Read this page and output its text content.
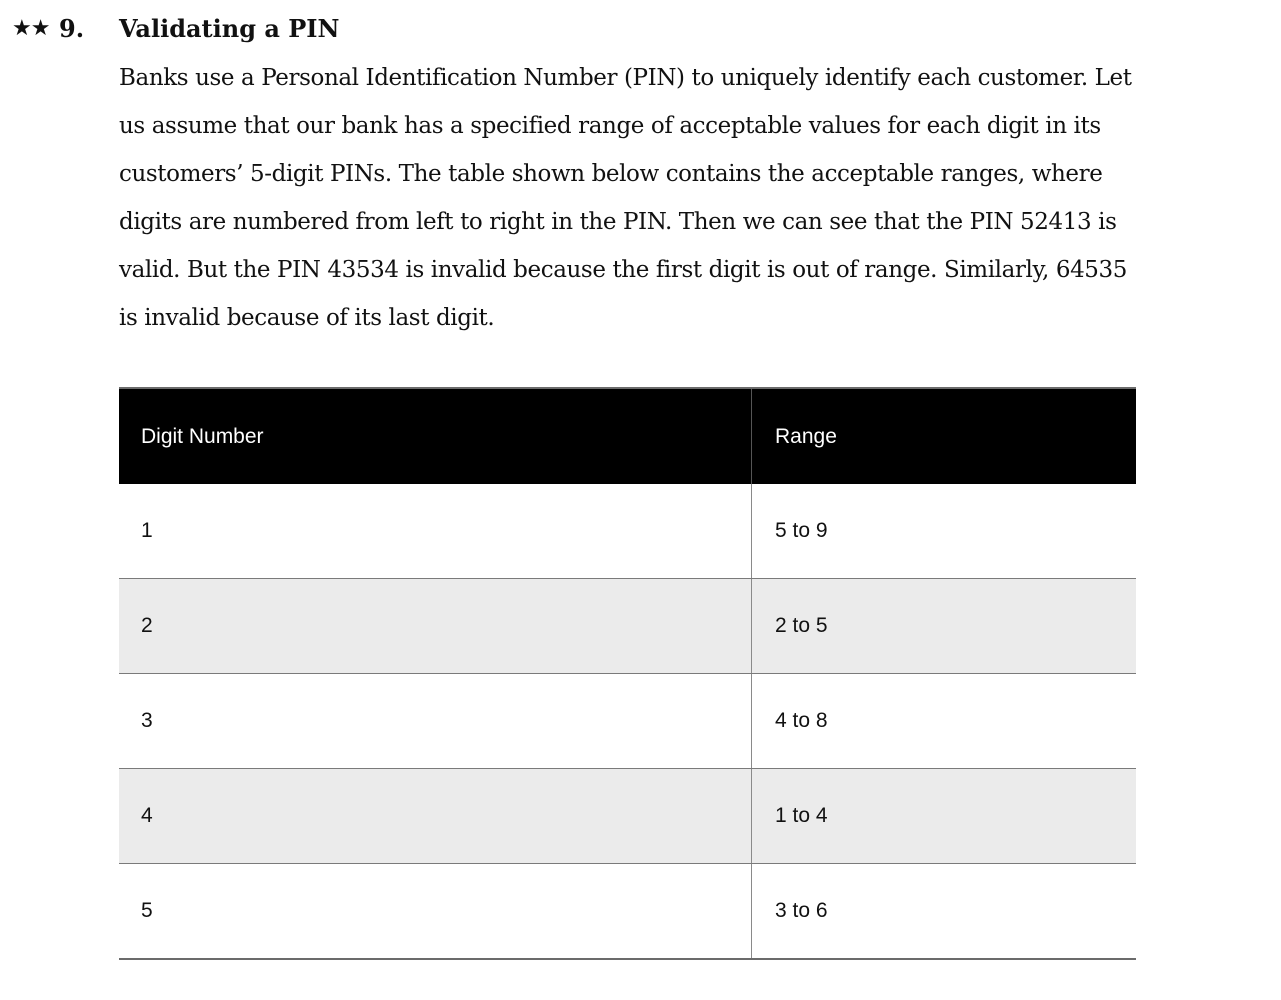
★★ 9. Validating a PIN

Banks use a Personal Identification Number (PIN) to uniquely identify each customer. Let us assume that our bank has a specified range of acceptable values for each digit in its customers’ 5-digit PINs. The table shown below contains the acceptable ranges, where digits are numbered from left to right in the PIN. Then we can see that the PIN 52413 is valid. But the PIN 43534 is invalid because the first digit is out of range. Similarly, 64535 is invalid because of its last digit.

Digit Number	Range
1	5 to 9
2	2 to 5
3	4 to 8
4	1 to 4
5	3 to 6
